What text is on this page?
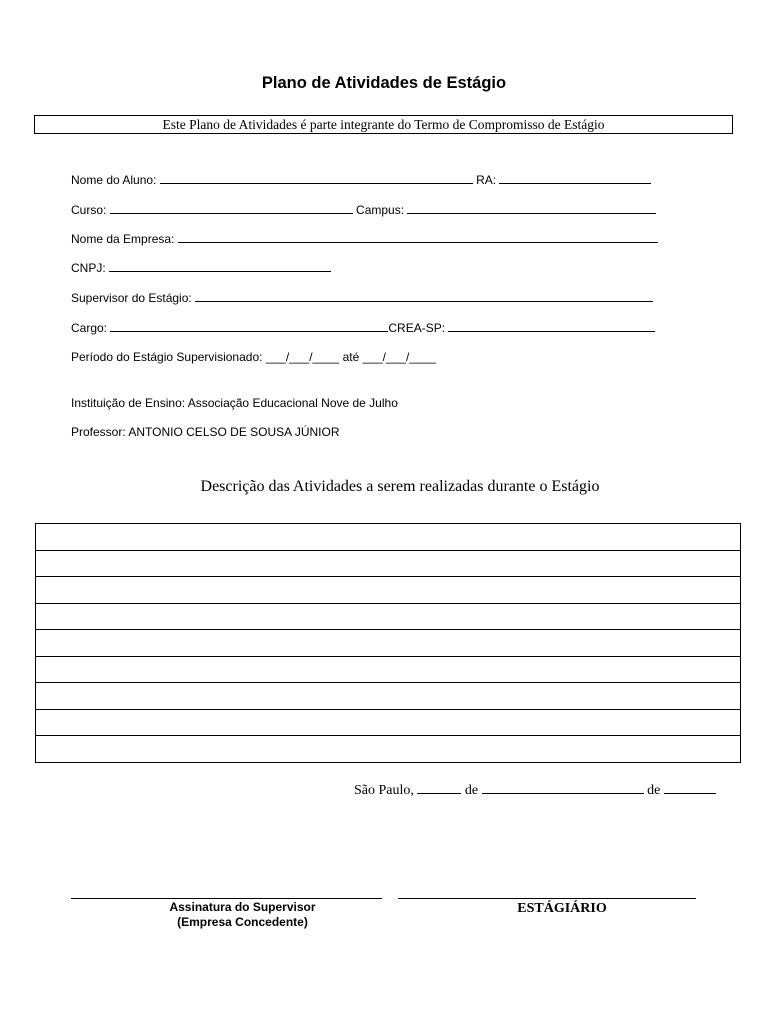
Plano de Atividades de Estágio
Este Plano de Atividades é parte integrante do Termo de Compromisso de Estágio
Nome do Aluno:	RA:
Curso:	Campus:
Nome da Empresa:
CNPJ:
Supervisor do Estágio:
Cargo:	CREA-SP:
Período do Estágio Supervisionado: ___/___/____ até ___/___/____
Instituição de Ensino: Associação Educacional Nove de Julho
Professor: ANTONIO CELSO DE SOUSA JÚNIOR
Descrição das Atividades a serem realizadas durante o Estágio

São Paulo,	de	de
Assinatura do Supervisor
(Empresa Concedente)
ESTÁGIÁRIO
